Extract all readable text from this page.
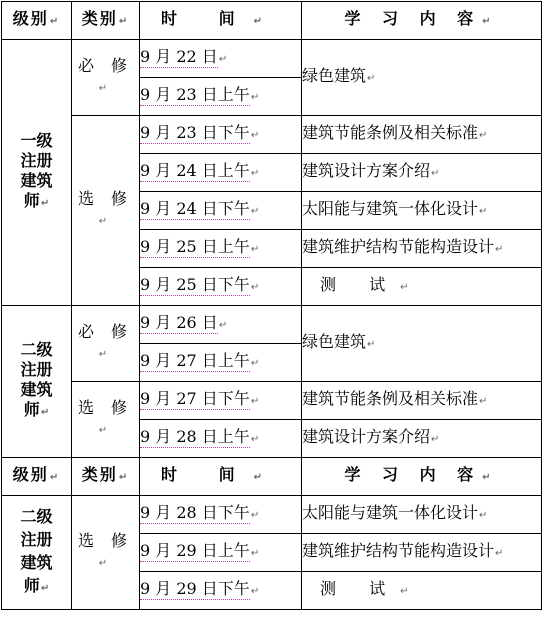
级别↵	类别↵	时 间↵	学 习 内 容↵
一级
注册
建筑
师↵	必 修↵	9 月 22 日↵	绿色建筑↵
		9 月 23 日上午↵	
	选 修↵	9 月 23 日下午↵	建筑节能条例及相关标准↵
		9 月 24 日上午↵	建筑设计方案介绍↵
		9 月 24 日下午↵	太阳能与建筑一体化设计↵
		9 月 25 日上午↵	建筑维护结构节能构造设计↵
		9 月 25 日下午↵	测 试↵
二级
注册
建筑
师↵	必 修↵	9 月 26 日↵	绿色建筑↵
		9 月 27 日上午↵	
	选 修↵	9 月 27 日下午↵	建筑节能条例及相关标准↵
		9 月 28 日上午↵	建筑设计方案介绍↵
级别↵	类别↵	时 间↵	学 习 内 容↵
二级
注册
建筑
师↵	选 修↵	9 月 28 日下午↵	太阳能与建筑一体化设计↵
		9 月 29 日上午↵	建筑维护结构节能构造设计↵
		9 月 29 日下午↵	测 试↵
